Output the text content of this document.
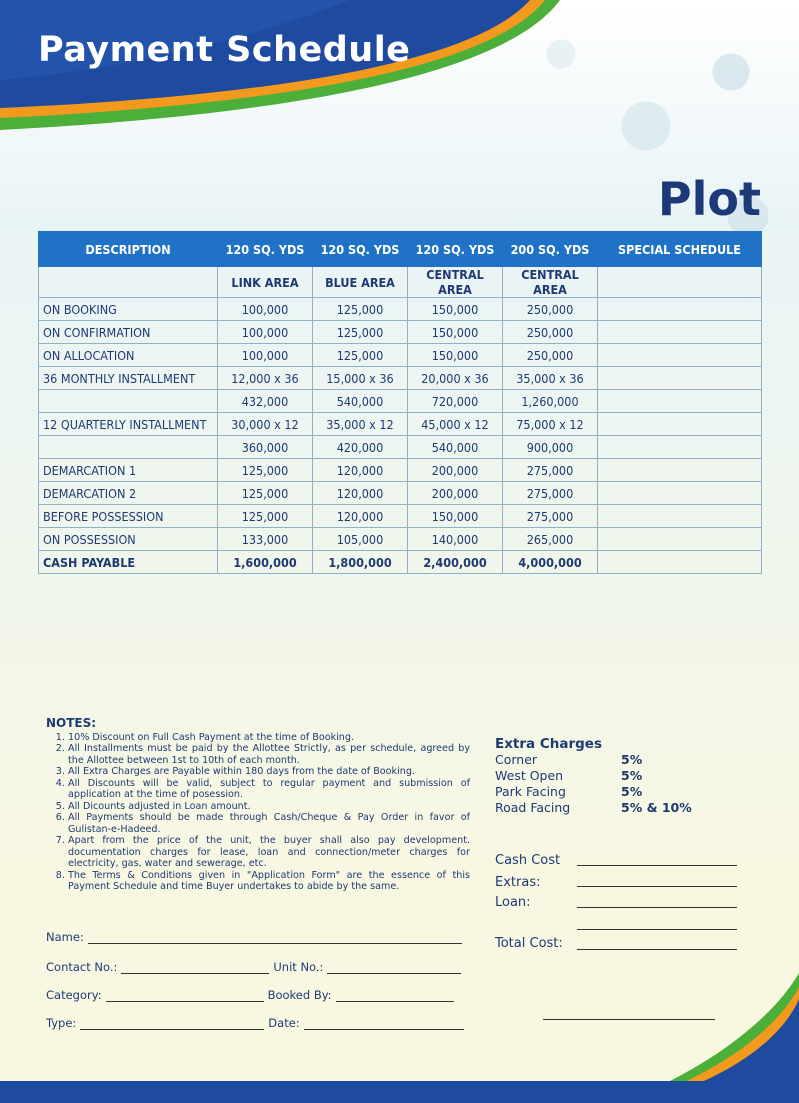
Payment Schedule
Plot
DESCRIPTION	120 SQ. YDS	120 SQ. YDS	120 SQ. YDS	200 SQ. YDS	SPECIAL SCHEDULE
	LINK AREA	BLUE AREA	CENTRAL AREA	CENTRAL AREA	
ON BOOKING	100,000	125,000	150,000	250,000	
ON CONFIRMATION	100,000	125,000	150,000	250,000	
ON ALLOCATION	100,000	125,000	150,000	250,000	
36 MONTHLY INSTALLMENT	12,000 x 36	15,000 x 36	20,000 x 36	35,000 x 36	
	432,000	540,000	720,000	1,260,000	
12 QUARTERLY INSTALLMENT	30,000 x 12	35,000 x 12	45,000 x 12	75,000 x 12	
	360,000	420,000	540,000	900,000	
DEMARCATION 1	125,000	120,000	200,000	275,000	
DEMARCATION 2	125,000	120,000	200,000	275,000	
BEFORE POSSESSION	125,000	120,000	150,000	275,000	
ON POSSESSION	133,000	105,000	140,000	265,000	
CASH PAYABLE	1,600,000	1,800,000	2,400,000	4,000,000	
NOTES:
1. 10% Discount on Full Cash Payment at the time of Booking.
2. All Installments must be paid by the Allottee Strictly, as per schedule, agreed by the Allottee between 1st to 10th of each month.
3. All Extra Charges are Payable within 180 days from the date of Booking.
4. All Discounts will be valid, subject to regular payment and submission of application at the time of posession.
5. All Dicounts adjusted in Loan amount.
6. All Payments should be made through Cash/Cheque & Pay Order in favor of Gulistan-e-Hadeed.
7. Apart from the price of the unit, the buyer shall also pay development. documentation charges for lease, loan and connection/meter charges for electricity, gas, water and sewerage, etc.
8. The Terms & Conditions given in "Application Form" are the essence of this Payment Schedule and time Buyer undertakes to abide by the same.
Name:
Contact No.:	Unit No.:
Category:	Booked By:
Type:	Date:
Extra Charges
Corner	5%
West Open	5%
Park Facing	5%
Road Facing	5% & 10%
Cash Cost
Extras:
Loan:
Total Cost:
